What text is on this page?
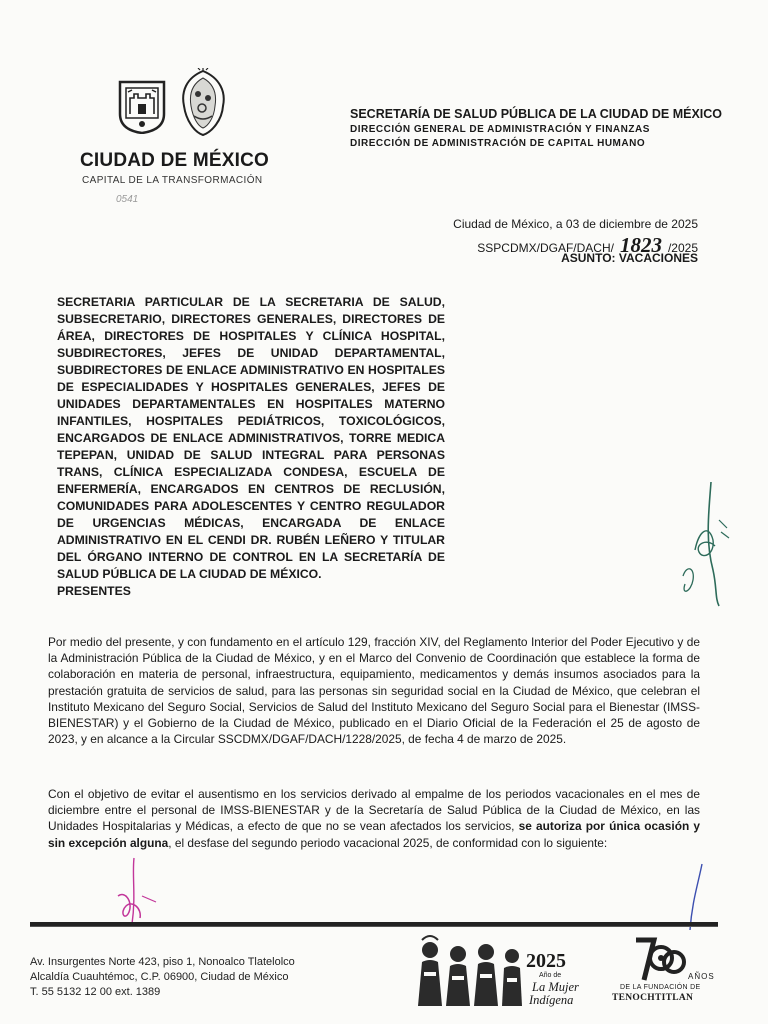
CIUDAD DE MÉXICO
CAPITAL DE LA TRANSFORMACIÓN
0541
SECRETARÍA DE SALUD PÚBLICA DE LA CIUDAD DE MÉXICO
DIRECCIÓN GENERAL DE ADMINISTRACIÓN Y FINANZAS
DIRECCIÓN DE ADMINISTRACIÓN DE CAPITAL HUMANO
Ciudad de México, a 03 de diciembre de 2025
SSPCDMX/DGAF/DACH/ 1823 /2025
ASUNTO: VACACIONES
SECRETARIA PARTICULAR DE LA SECRETARIA DE SALUD, SUBSECRETARIO, DIRECTORES GENERALES, DIRECTORES DE ÁREA, DIRECTORES DE HOSPITALES Y CLÍNICA HOSPITAL, SUBDIRECTORES, JEFES DE UNIDAD DEPARTAMENTAL, SUBDIRECTORES DE ENLACE ADMINISTRATIVO EN HOSPITALES DE ESPECIALIDADES Y HOSPITALES GENERALES, JEFES DE UNIDADES DEPARTAMENTALES EN HOSPITALES MATERNO INFANTILES, HOSPITALES PEDIÁTRICOS, TOXICOLÓGICOS, ENCARGADOS DE ENLACE ADMINISTRATIVOS, TORRE MEDICA TEPEPAN, UNIDAD DE SALUD INTEGRAL PARA PERSONAS TRANS, CLÍNICA ESPECIALIZADA CONDESA, ESCUELA DE ENFERMERÍA, ENCARGADOS EN CENTROS DE RECLUSIÓN, COMUNIDADES PARA ADOLESCENTES Y CENTRO REGULADOR DE URGENCIAS MÉDICAS, ENCARGADA DE ENLACE ADMINISTRATIVO EN EL CENDI DR. RUBÉN LEÑERO Y TITULAR DEL ÓRGANO INTERNO DE CONTROL EN LA SECRETARÍA DE SALUD PÚBLICA DE LA CIUDAD DE MÉXICO.
PRESENTES
Por medio del presente, y con fundamento en el artículo 129, fracción XIV, del Reglamento Interior del Poder Ejecutivo y de la Administración Pública de la Ciudad de México, y en el Marco del Convenio de Coordinación que establece la forma de colaboración en materia de personal, infraestructura, equipamiento, medicamentos y demás insumos asociados para la prestación gratuita de servicios de salud, para las personas sin seguridad social en la Ciudad de México, que celebran el Instituto Mexicano del Seguro Social, Servicios de Salud del Instituto Mexicano del Seguro Social para el Bienestar (IMSS-BIENESTAR) y el Gobierno de la Ciudad de México, publicado en el Diario Oficial de la Federación el 25 de agosto de 2023, y en alcance a la Circular SSCDMX/DGAF/DACH/1228/2025, de fecha 4 de marzo de 2025.
Con el objetivo de evitar el ausentismo en los servicios derivado al empalme de los periodos vacacionales en el mes de diciembre entre el personal de IMSS-BIENESTAR y de la Secretaría de Salud Pública de la Ciudad de México, en las Unidades Hospitalarias y Médicas, a efecto de que no se vean afectados los servicios, se autoriza por única ocasión y sin excepción alguna, el desfase del segundo periodo vacacional 2025, de conformidad con lo siguiente:
Av. Insurgentes Norte 423, piso 1, Nonoalco Tlatelolco
Alcaldía Cuauhtémoc, C.P. 06900, Ciudad de México
T. 55 5132 12 00 ext. 1389
2025
Año de
La Mujer
Indígena
AÑOS
DE LA FUNDACIÓN DE
TENOCHTITLAN
